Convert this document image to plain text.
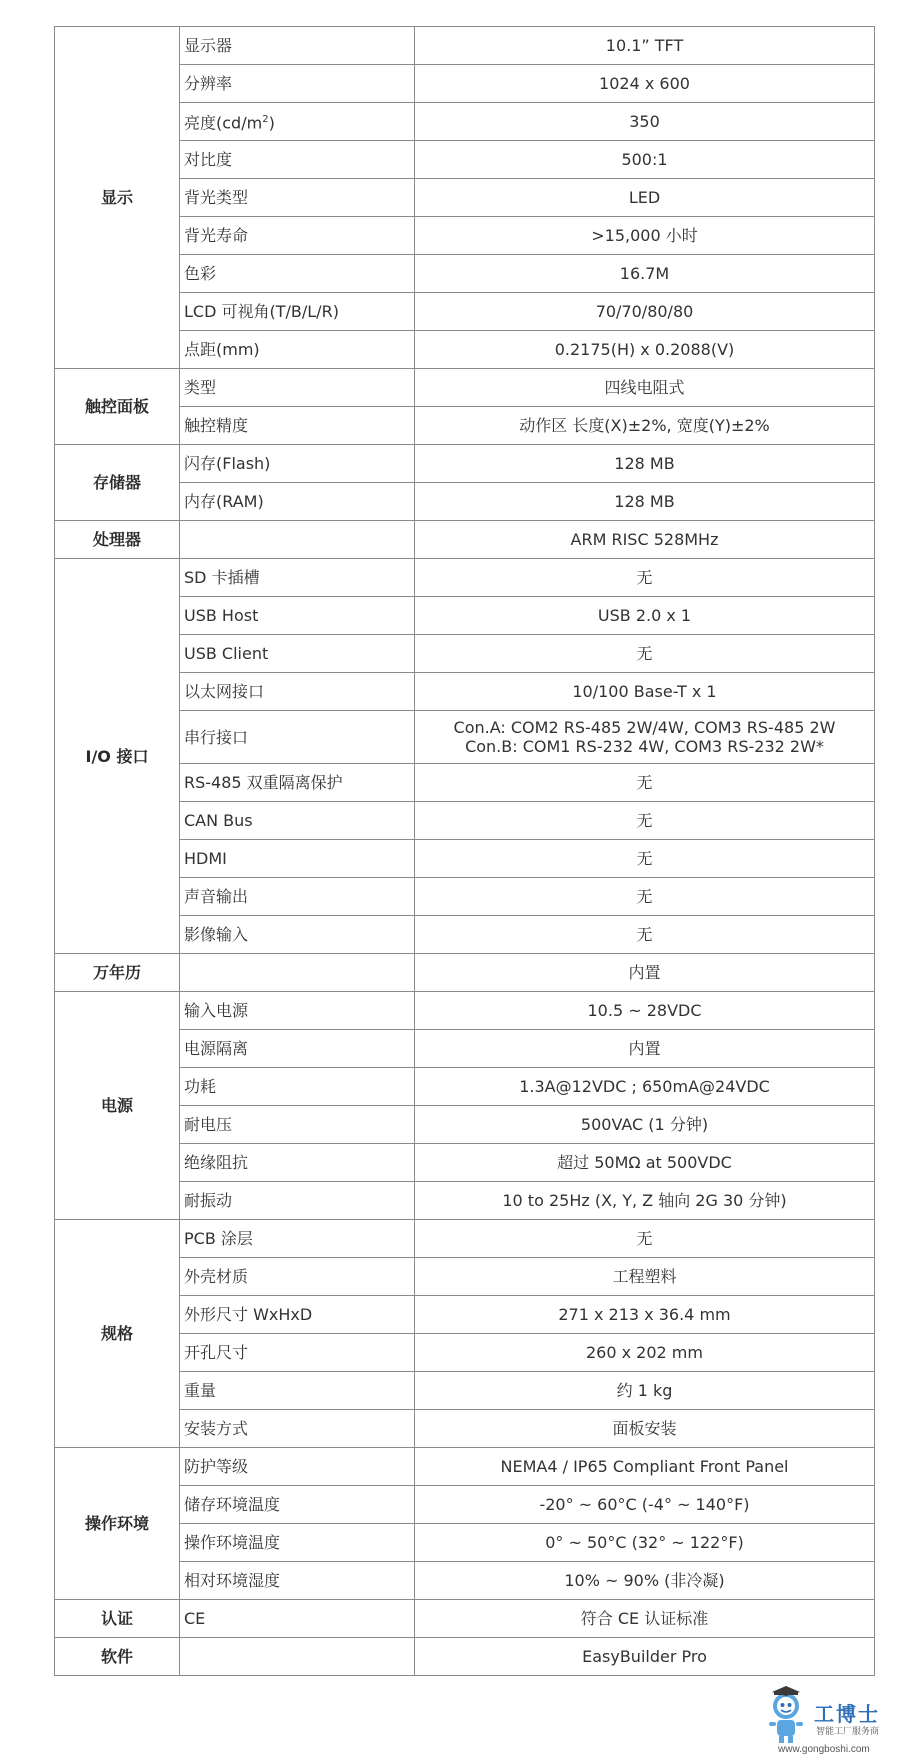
显示	显示器	10.1” TFT
	分辨率	1024 x 600
	亮度$(cd/m^2)$	350
	对比度	500:1
	背光类型	LED
	背光寿命	>15,000 小时
	色彩	16.7M
	LCD 可视角(T/B/L/R)	70/70/80/80
	点距(mm)	0.2175(H) x 0.2088(V)
触控面板	类型	四线电阻式
	触控精度	动作区 长度(X)±2%, 宽度(Y)±2%
存储器	闪存(Flash)	128 MB
	内存(RAM)	128 MB
处理器		ARM RISC 528MHz
I/O 接口	SD 卡插槽	无
	USB Host	USB 2.0 x 1
	USB Client	无
	以太网接口	10/100 Base-T x 1
	串行接口	Con.A: COM2 RS-485 2W/4W, COM3 RS-485 2W
Con.B: COM1 RS-232 4W, COM3 RS-232 2W*

	RS-485 双重隔离保护	无
	CAN Bus	无
	HDMI	无
	声音输出	无
	影像输入	无
万年历		内置
电源	输入电源	10.5 ~ 28VDC
	电源隔离	内置
	功耗	1.3A@12VDC ; 650mA@24VDC
	耐电压	500VAC (1 分钟)
	绝缘阻抗	超过 50MΩ at 500VDC
	耐振动	10 to 25Hz (X, Y, Z 轴向 2G 30 分钟)
规格	PCB 涂层	无
	外壳材质	工程塑料
	外形尺寸 WxHxD	271 x 213 x 36.4 mm
	开孔尺寸	260 x 202 mm
	重量	约 1 kg
	安装方式	面板安装
操作环境	防护等级	NEMA4 / IP65 Compliant Front Panel
	储存环境温度	-20° ~ 60°C (-4° ~ 140°F)
	操作环境温度	0° ~ 50°C (32° ~ 122°F)
	相对环境湿度	10% ~ 90% (非冷凝)
认证	CE	符合 CE 认证标准
软件		EasyBuilder Pro
工博士
智能工厂服务商
www.gongboshi.com
